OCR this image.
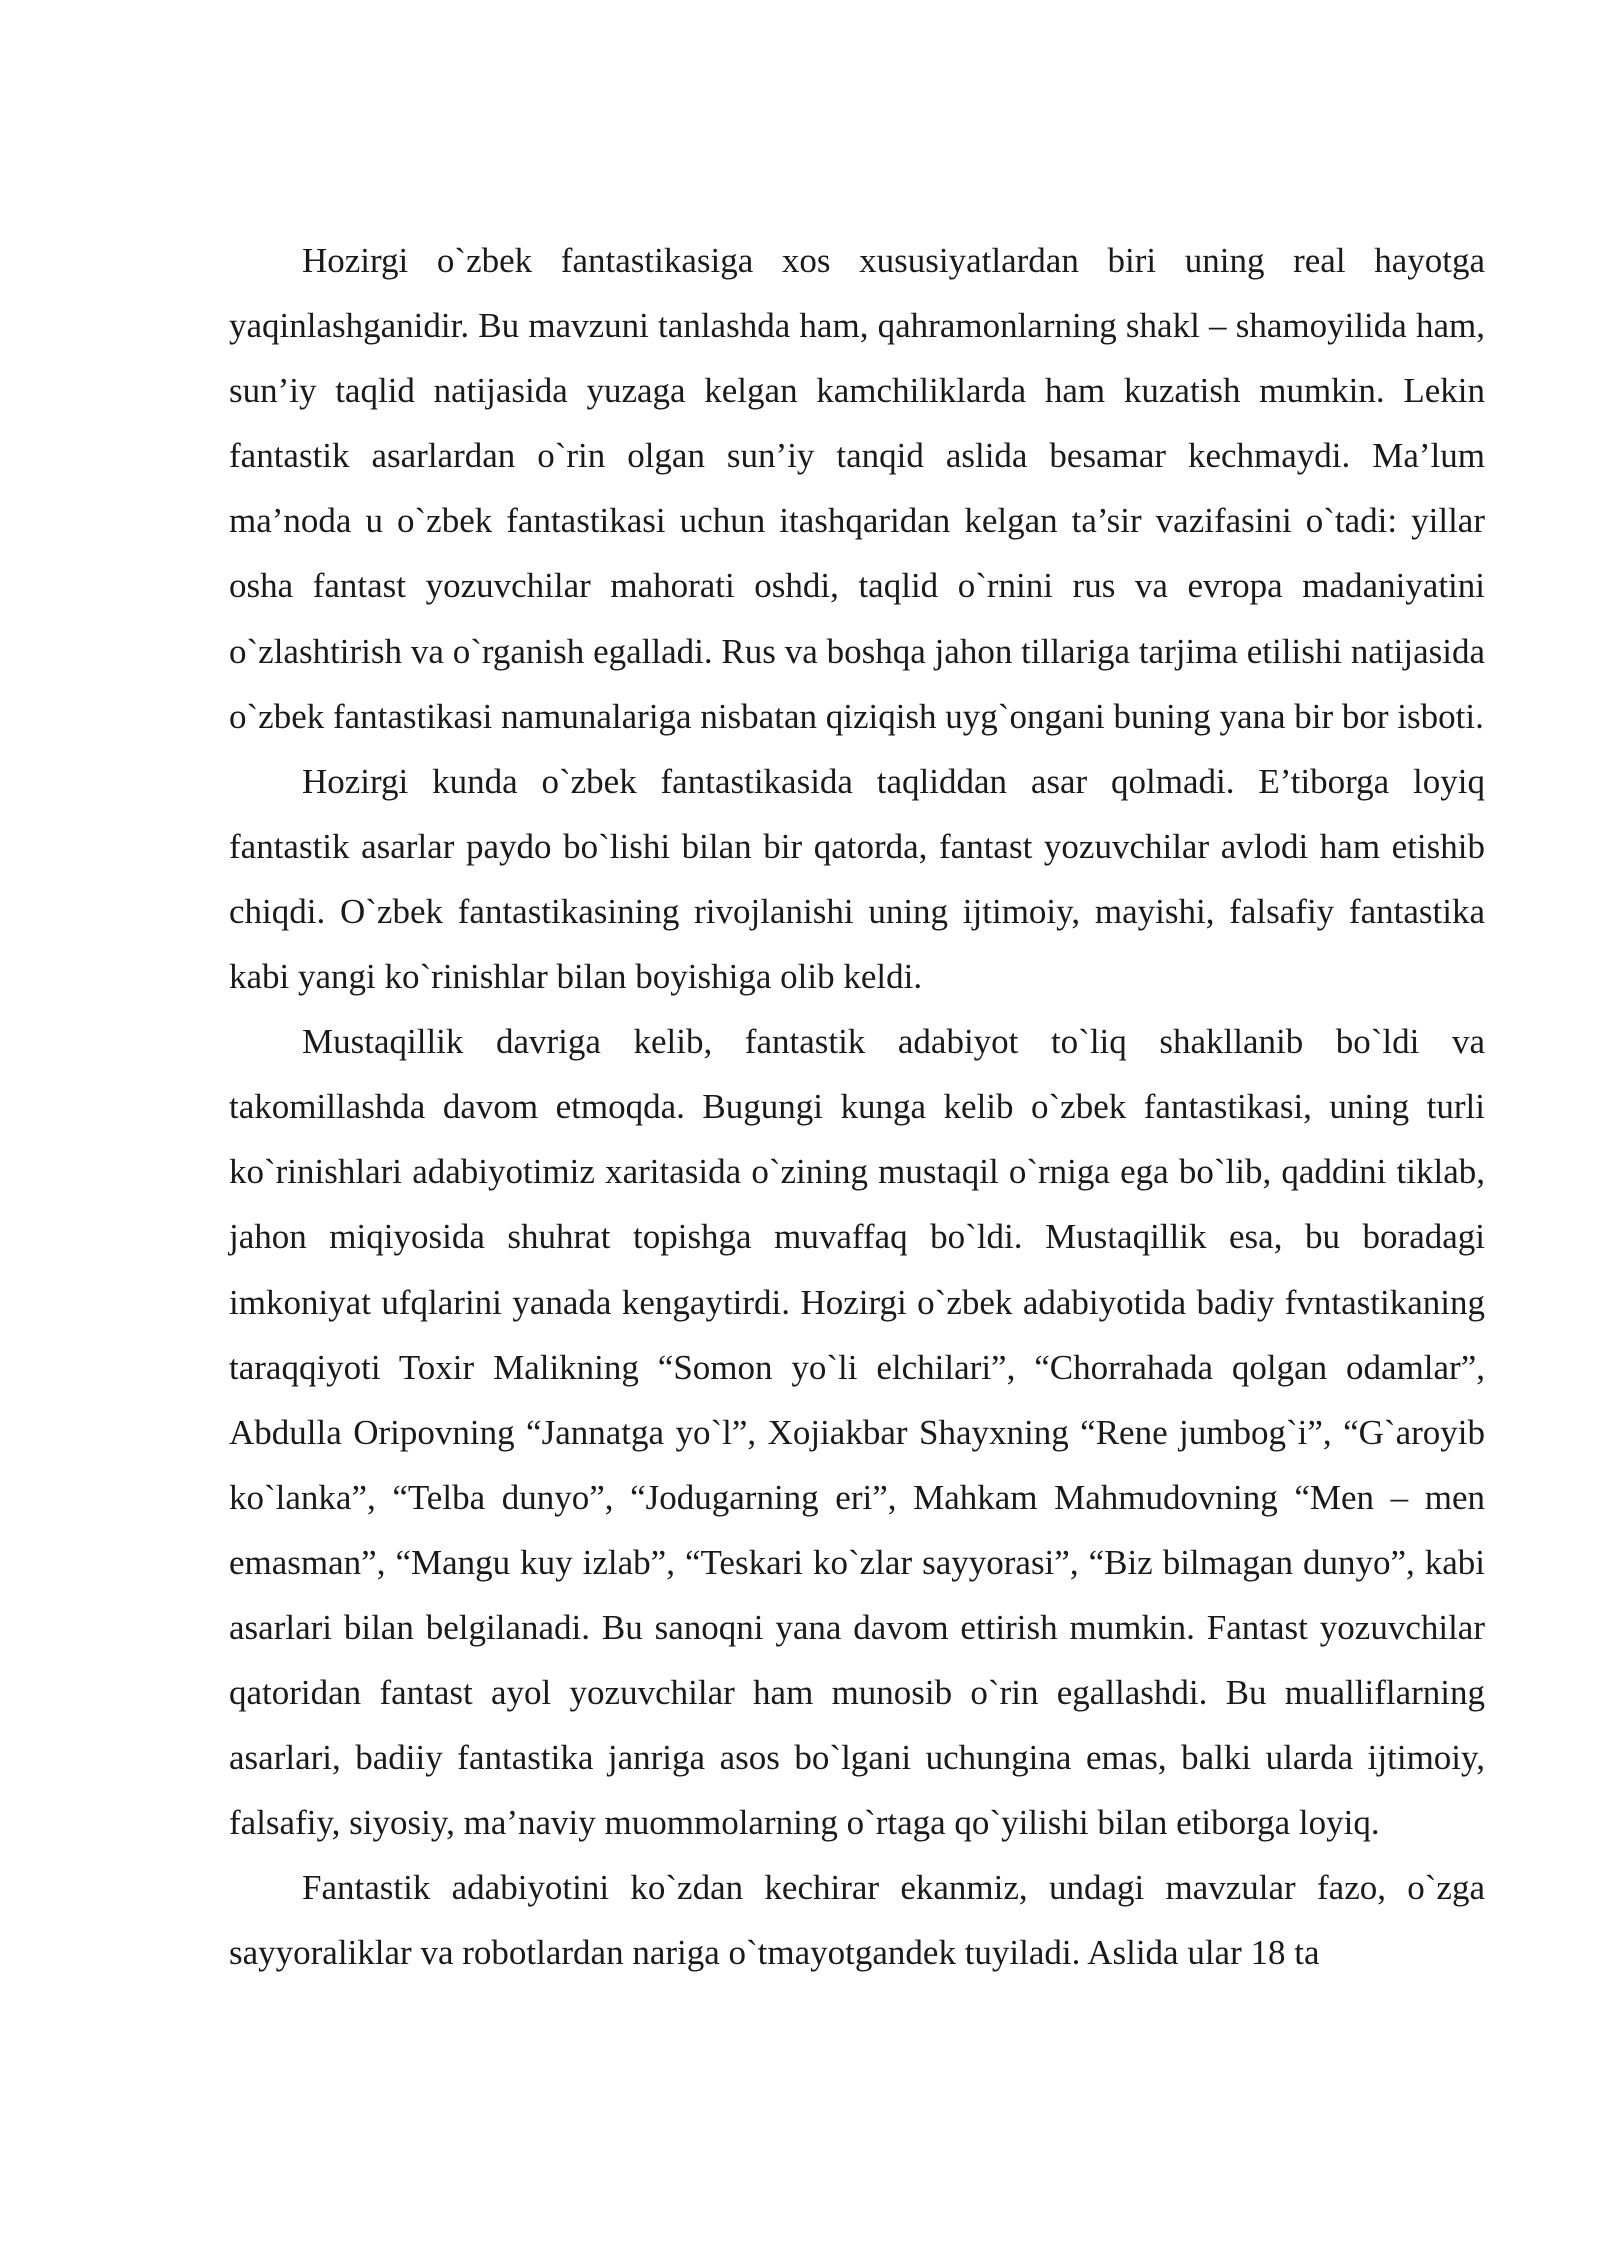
Hozirgi o`zbek fantastikasiga xos xususiyatlardan biri uning real hayotga yaqinlashganidir. Bu mavzuni tanlashda ham, qahramonlarning shakl – shamoyilida ham, sun’iy taqlid natijasida yuzaga kelgan kamchiliklarda ham kuzatish mumkin. Lekin fantastik asarlardan o`rin olgan sun’iy tanqid aslida besamar kechmaydi. Ma’lum ma’noda u o`zbek fantastikasi uchun itashqaridan kelgan ta’sir vazifasini o`tadi: yillar osha fantast yozuvchilar mahorati oshdi, taqlid o`rnini rus va evropa madaniyatini o`zlashtirish va o`rganish egalladi. Rus va boshqa jahon tillariga tarjima etilishi natijasida o`zbek fantastikasi namunalariga nisbatan qiziqish uyg`ongani buning yana bir bor isboti.

Hozirgi kunda o`zbek fantastikasida taqliddan asar qolmadi. E’tiborga loyiq fantastik asarlar paydo bo`lishi bilan bir qatorda, fantast yozuvchilar avlodi ham etishib chiqdi. O`zbek fantastikasining rivojlanishi uning ijtimoiy, mayishi, falsafiy fantastika kabi yangi ko`rinishlar bilan boyishiga olib keldi.

Mustaqillik davriga kelib, fantastik adabiyot to`liq shakllanib bo`ldi va takomillashda davom etmoqda. Bugungi kunga kelib o`zbek fantastikasi, uning turli ko`rinishlari adabiyotimiz xaritasida o`zining mustaqil o`rniga ega bo`lib, qaddini tiklab, jahon miqiyosida shuhrat topishga muvaffaq bo`ldi. Mustaqillik esa, bu boradagi imkoniyat ufqlarini yanada kengaytirdi. Hozirgi o`zbek adabiyotida badiy fvntastikaning taraqqiyoti Toxir Malikning “Somon yo`li elchilari”, “Chorrahada qolgan odamlar”, Abdulla Oripovning “Jannatga yo`l”, Xojiakbar Shayxning “Rene jumbog`i”, “G`aroyib ko`lanka”, “Telba dunyo”, “Jodugarning eri”, Mahkam Mahmudovning “Men – men emasman”, “Mangu kuy izlab”, “Teskari ko`zlar sayyorasi”, “Biz bilmagan dunyo”, kabi asarlari bilan belgilanadi. Bu sanoqni yana davom ettirish mumkin. Fantast yozuvchilar qatoridan fantast ayol yozuvchilar ham munosib o`rin egallashdi. Bu mualliflarning asarlari, badiiy fantastika janriga asos bo`lgani uchungina emas, balki ularda ijtimoiy, falsafiy, siyosiy, ma’naviy muommolarning o`rtaga qo`yilishi bilan etiborga loyiq.

Fantastik adabiyotini ko`zdan kechirar ekanmiz, undagi mavzular fazo, o`zga sayyoraliklar va robotlardan nariga o`tmayotgandek tuyiladi. Aslida ular 18 ta
